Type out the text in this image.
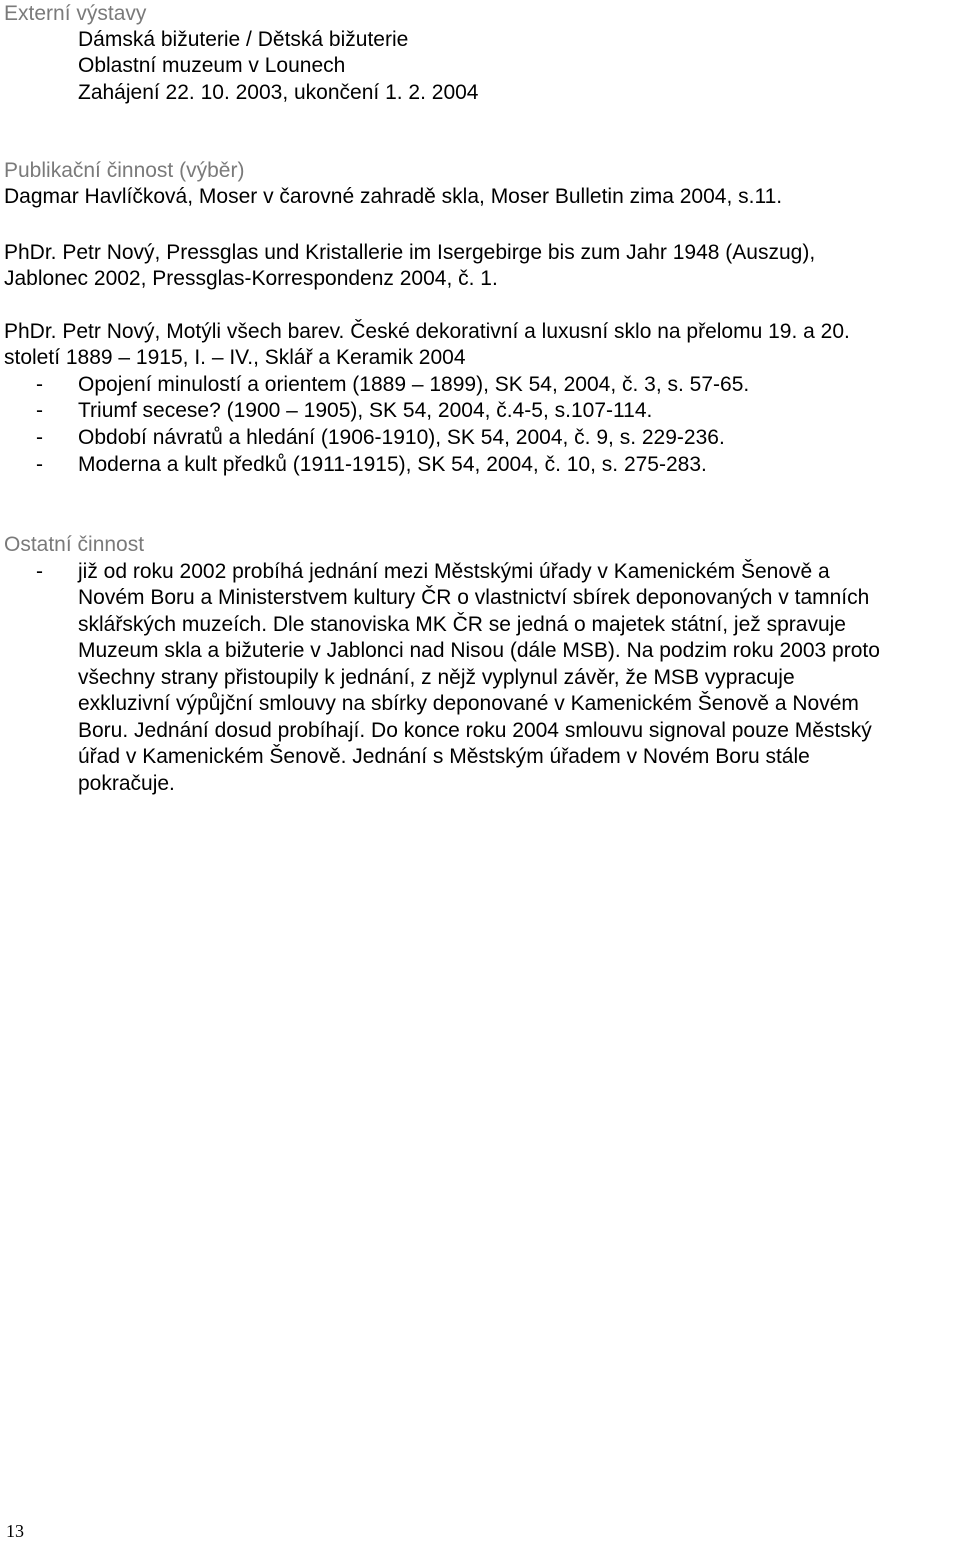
Externí výstavy
Dámská bižuterie / Dětská bižuterie
Oblastní muzeum v Lounech
Zahájení 22. 10. 2003, ukončení 1. 2. 2004
Publikační činnost (výběr)
Dagmar Havlíčková, Moser v čarovné zahradě skla, Moser Bulletin zima 2004, s.11.
PhDr. Petr Nový, Pressglas und Kristallerie im Isergebirge bis zum Jahr 1948 (Auszug),
Jablonec 2002, Pressglas-Korrespondenz 2004, č. 1.
PhDr. Petr Nový, Motýli všech barev. České dekorativní a luxusní sklo na přelomu 19. a 20.
století 1889 – 1915, I. – IV., Sklář a Keramik 2004
- Opojení minulostí a orientem (1889 – 1899), SK 54, 2004, č. 3, s. 57-65.
- Triumf secese? (1900 – 1905), SK 54, 2004, č.4-5, s.107-114.
- Období návratů a hledání (1906-1910), SK 54, 2004, č. 9, s. 229-236.
- Moderna a kult předků (1911-1915), SK 54, 2004, č. 10, s. 275-283.
Ostatní činnost
- již od roku 2002 probíhá jednání mezi Městskými úřady v Kamenickém Šenově a
Novém Boru a Ministerstvem kultury ČR o vlastnictví sbírek deponovaných v tamních
sklářských muzeích. Dle stanoviska MK ČR se jedná o majetek státní, jež spravuje
Muzeum skla a bižuterie v Jablonci nad Nisou (dále MSB). Na podzim roku 2003 proto
všechny strany přistoupily k jednání, z nějž vyplynul závěr, že MSB vypracuje
exkluzivní výpůjční smlouvy na sbírky deponované v Kamenickém Šenově a Novém
Boru. Jednání dosud probíhají. Do konce roku 2004 smlouvu signoval pouze Městský
úřad v Kamenickém Šenově. Jednání s Městským úřadem v Novém Boru stále
pokračuje.
13
